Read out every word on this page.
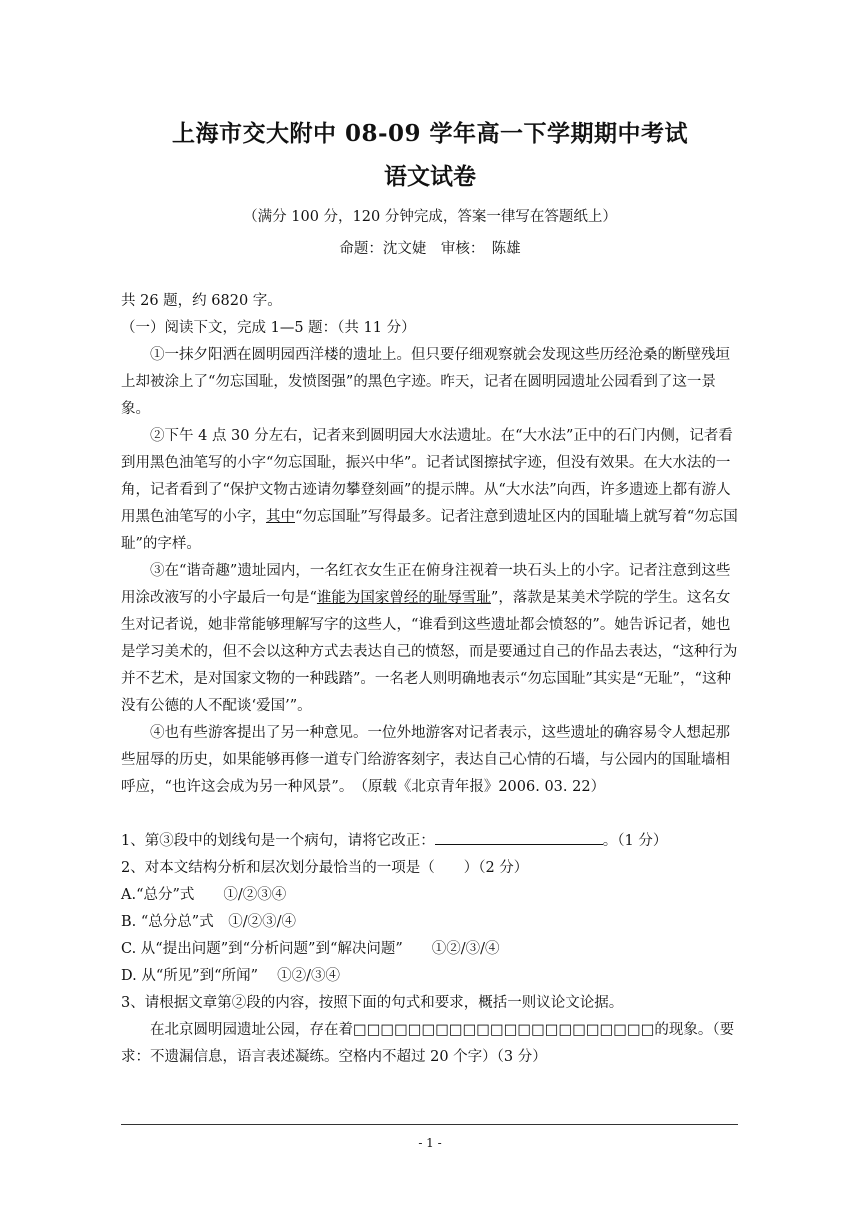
上海市交大附中 08-09 学年高一下学期期中考试
语文试卷
（满分 100 分，120 分钟完成，答案一律写在答题纸上）
命题：沈文婕　审核：　陈雄

共 26 题，约 6820 字。

（一）阅读下文，完成 1—5 题：（共 11 分）

①一抹夕阳洒在圆明园西洋楼的遗址上。但只要仔细观察就会发现这些历经沧桑的断壁残垣上却被涂上了“勿忘国耻，发愤图强”的黑色字迹。昨天，记者在圆明园遗址公园看到了这一景象。

②下午 4 点 30 分左右，记者来到圆明园大水法遗址。在“大水法”正中的石门内侧，记者看到用黑色油笔写的小字“勿忘国耻，振兴中华”。记者试图擦拭字迹，但没有效果。在大水法的一角，记者看到了“保护文物古迹请勿攀登刻画”的提示牌。从“大水法”向西，许多遗迹上都有游人用黑色油笔写的小字，其中“勿忘国耻”写得最多。记者注意到遗址区内的国耻墙上就写着“勿忘国耻”的字样。

③在“谐奇趣”遗址园内，一名红衣女生正在俯身注视着一块石头上的小字。记者注意到这些用涂改液写的小字最后一句是“谁能为国家曾经的耻辱雪耻”，落款是某美术学院的学生。这名女生对记者说，她非常能够理解写字的这些人，“谁看到这些遗址都会愤怒的”。她告诉记者，她也是学习美术的，但不会以这种方式去表达自己的愤怒，而是要通过自己的作品去表达，“这种行为并不艺术，是对国家文物的一种践踏”。一名老人则明确地表示“勿忘国耻”其实是“无耻”，“这种没有公德的人不配谈‘爱国’”。

④也有些游客提出了另一种意见。一位外地游客对记者表示，这些遗址的确容易令人想起那些屈辱的历史，如果能够再修一道专门给游客刻字，表达自己心情的石墙，与公园内的国耻墙相呼应，“也许这会成为另一种风景”。　（原载《北京青年报》2006. 03. 22）

1、第③段中的划线句是一个病句，请将它改正：	。（1 分）

2、对本文结构分析和层次划分最恰当的一项是（　　）（2 分）

A.“总分”式　　①/②③④

B. “总分总”式　①/②③/④

C. 从“提出问题”到“分析问题”到“解决问题”　　①②/③/④

D. 从“所见”到“所闻”　 ①②/③④

3、请根据文章第②段的内容，按照下面的句式和要求，概括一则议论文论据。

在北京圆明园遗址公园，存在着□□□□□□□□□□□□□□□□□□□□□□的现象。（要求：不遗漏信息，语言表述凝练。空格内不超过 20 个字）（3 分）

- 1 -
